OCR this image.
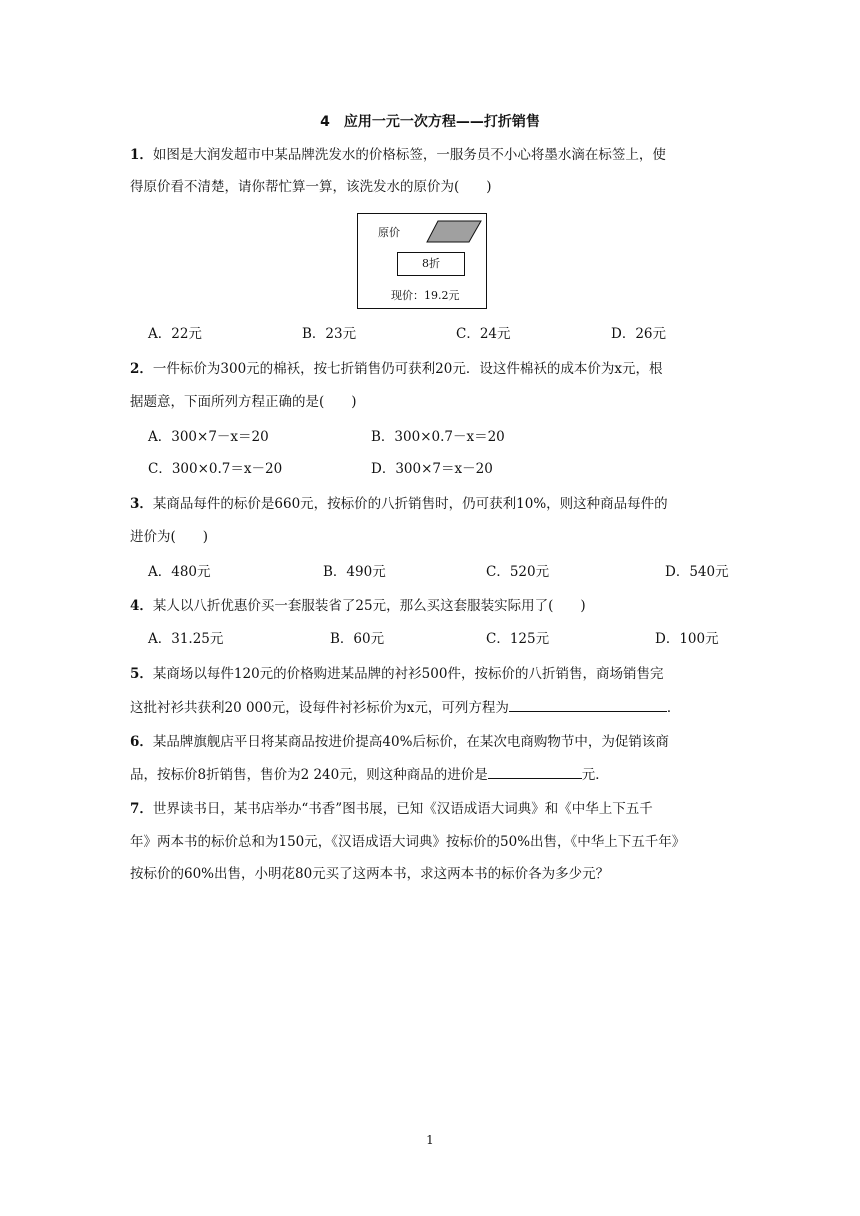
4　应用一元一次方程——打折销售
1．如图是大润发超市中某品牌洗发水的价格标签，一服务员不小心将墨水滴在标签上，使
得原价看不清楚，请你帮忙算一算，该洗发水的原价为(　　)
原价
8折
现价：19.2元
A．22元	B．23元	C．24元	D．26元
2．一件标价为300元的棉袄，按七折销售仍可获利20元．设这件棉袄的成本价为x元，根
据题意，下面所列方程正确的是(　　)
A．300×7－x＝20	B．300×0.7－x＝20
C．300×0.7＝x－20	D．300×7＝x－20
3．某商品每件的标价是660元，按标价的八折销售时，仍可获利10%，则这种商品每件的
进价为(　　)
A．480元	B．490元	C．520元	D．540元
4．某人以八折优惠价买一套服装省了25元，那么买这套服装实际用了(　　)
A．31.25元	B．60元	C．125元	D．100元
5．某商场以每件120元的价格购进某品牌的衬衫500件，按标价的八折销售，商场销售完
这批衬衫共获利20 000元，设每件衬衫标价为x元，可列方程为	．
6．某品牌旗舰店平日将某商品按进价提高40%后标价，在某次电商购物节中，为促销该商
品，按标价8折销售，售价为2 240元，则这种商品的进价是	元．
7．世界读书日，某书店举办“书香”图书展，已知《汉语成语大词典》和《中华上下五千
年》两本书的标价总和为150元，《汉语成语大词典》按标价的50%出售，《中华上下五千年》
按标价的60%出售，小明花80元买了这两本书，求这两本书的标价各为多少元？
1
